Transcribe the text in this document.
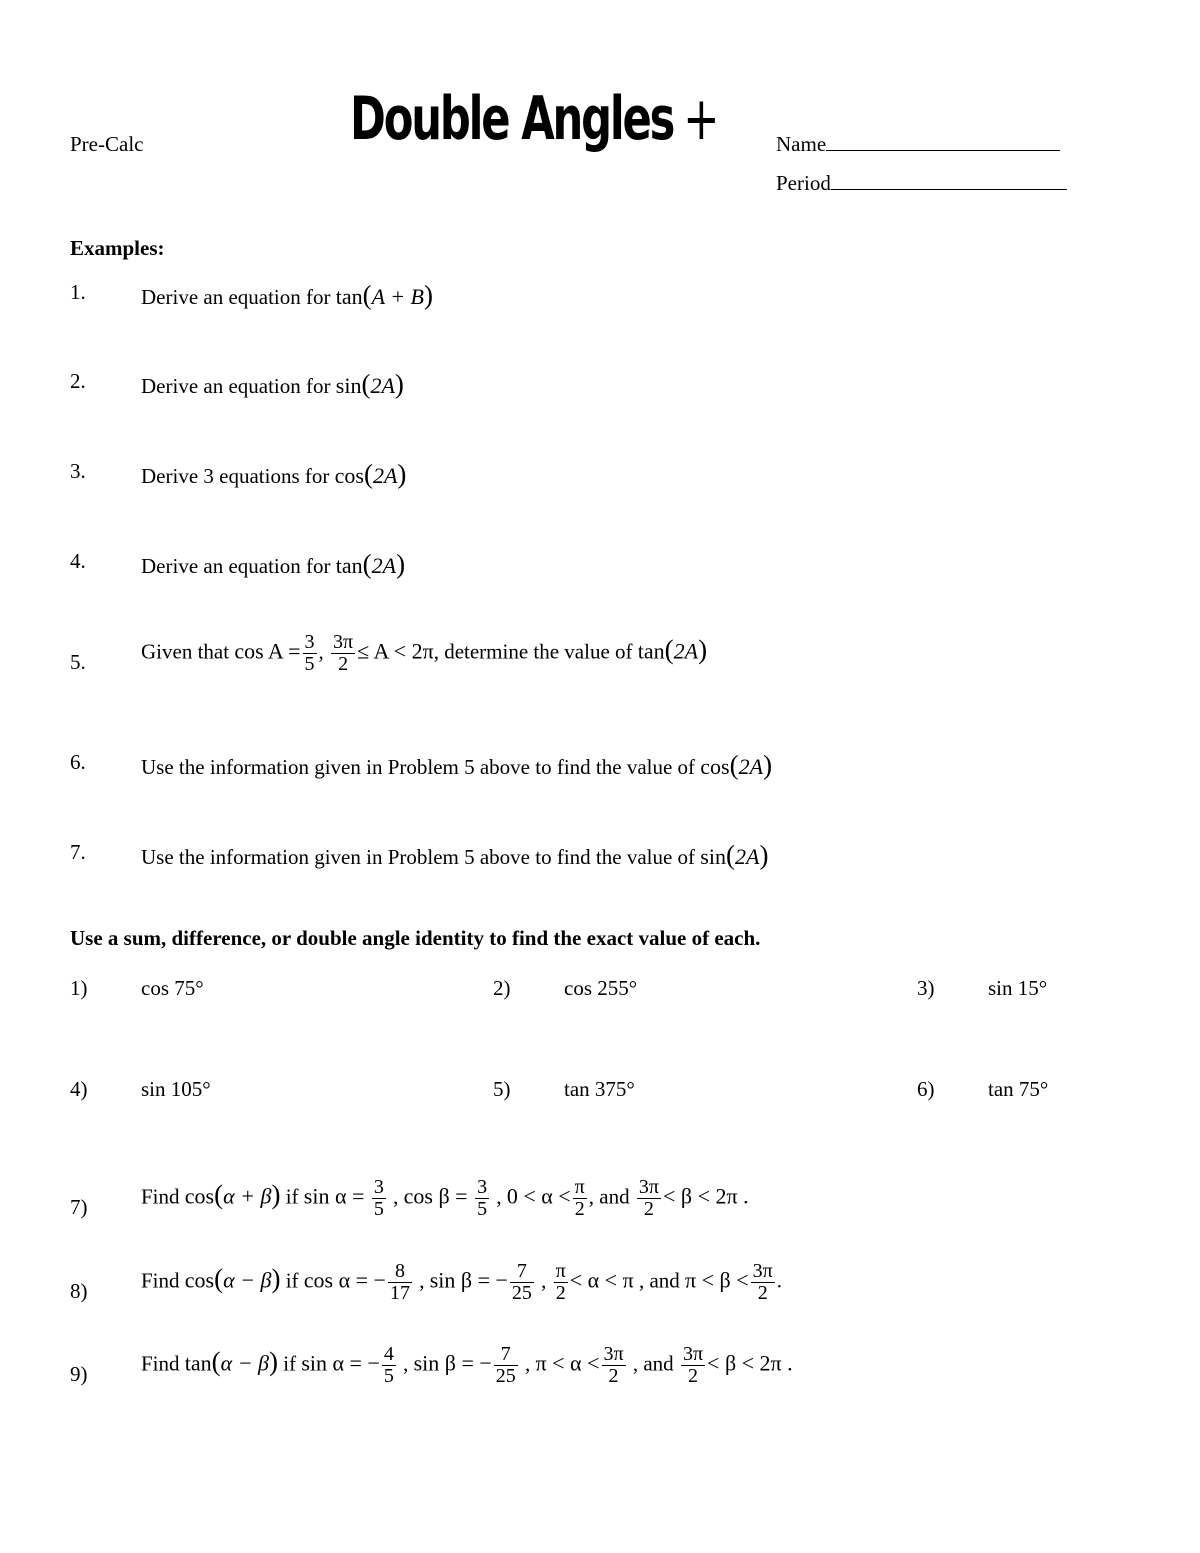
Pre-Calc	Double Angles +	Name
Period
Examples:
1.	Derive an equation for tan(A + B)
2.	Derive an equation for sin(2A)
3.	Derive 3 equations for cos(2A)
4.	Derive an equation for tan(2A)
5.	Given that $\cos A = \frac{3}{5}$ , $\frac{3\pi}{2} \le A < 2\pi$, determine the value of tan(2A)
6.	Use the information given in Problem 5 above to find the value of cos(2A)
7.	Use the information given in Problem 5 above to find the value of sin(2A)
Use a sum, difference, or double angle identity to find the exact value of each.
1)	cos 75°	2)	cos 255°	3)	sin 15°
4)	sin 105°	5)	tan 375°	6)	tan 75°
7)	Find cos(α + β) if $\sin \alpha = \frac{3}{5}$ , $\cos \beta = \frac{3}{5}$ , $0 < \alpha < \frac{\pi}{2}$ , and $\frac{3\pi}{2} < \beta < 2\pi$ .
8)	Find cos(α − β) if cos α = − $\frac{8}{17}$ , sin β = − $\frac{7}{25}$ , $\frac{\pi}{2} < \alpha < \pi$ , and $\pi < \beta < \frac{3\pi}{2}$ .
9)	Find tan(α − β) if sin α = − $\frac{4}{5}$ , sin β = − $\frac{7}{25}$ , $\pi < \alpha < \frac{3\pi}{2}$ , and $\frac{3\pi}{2} < \beta < 2\pi$ .
